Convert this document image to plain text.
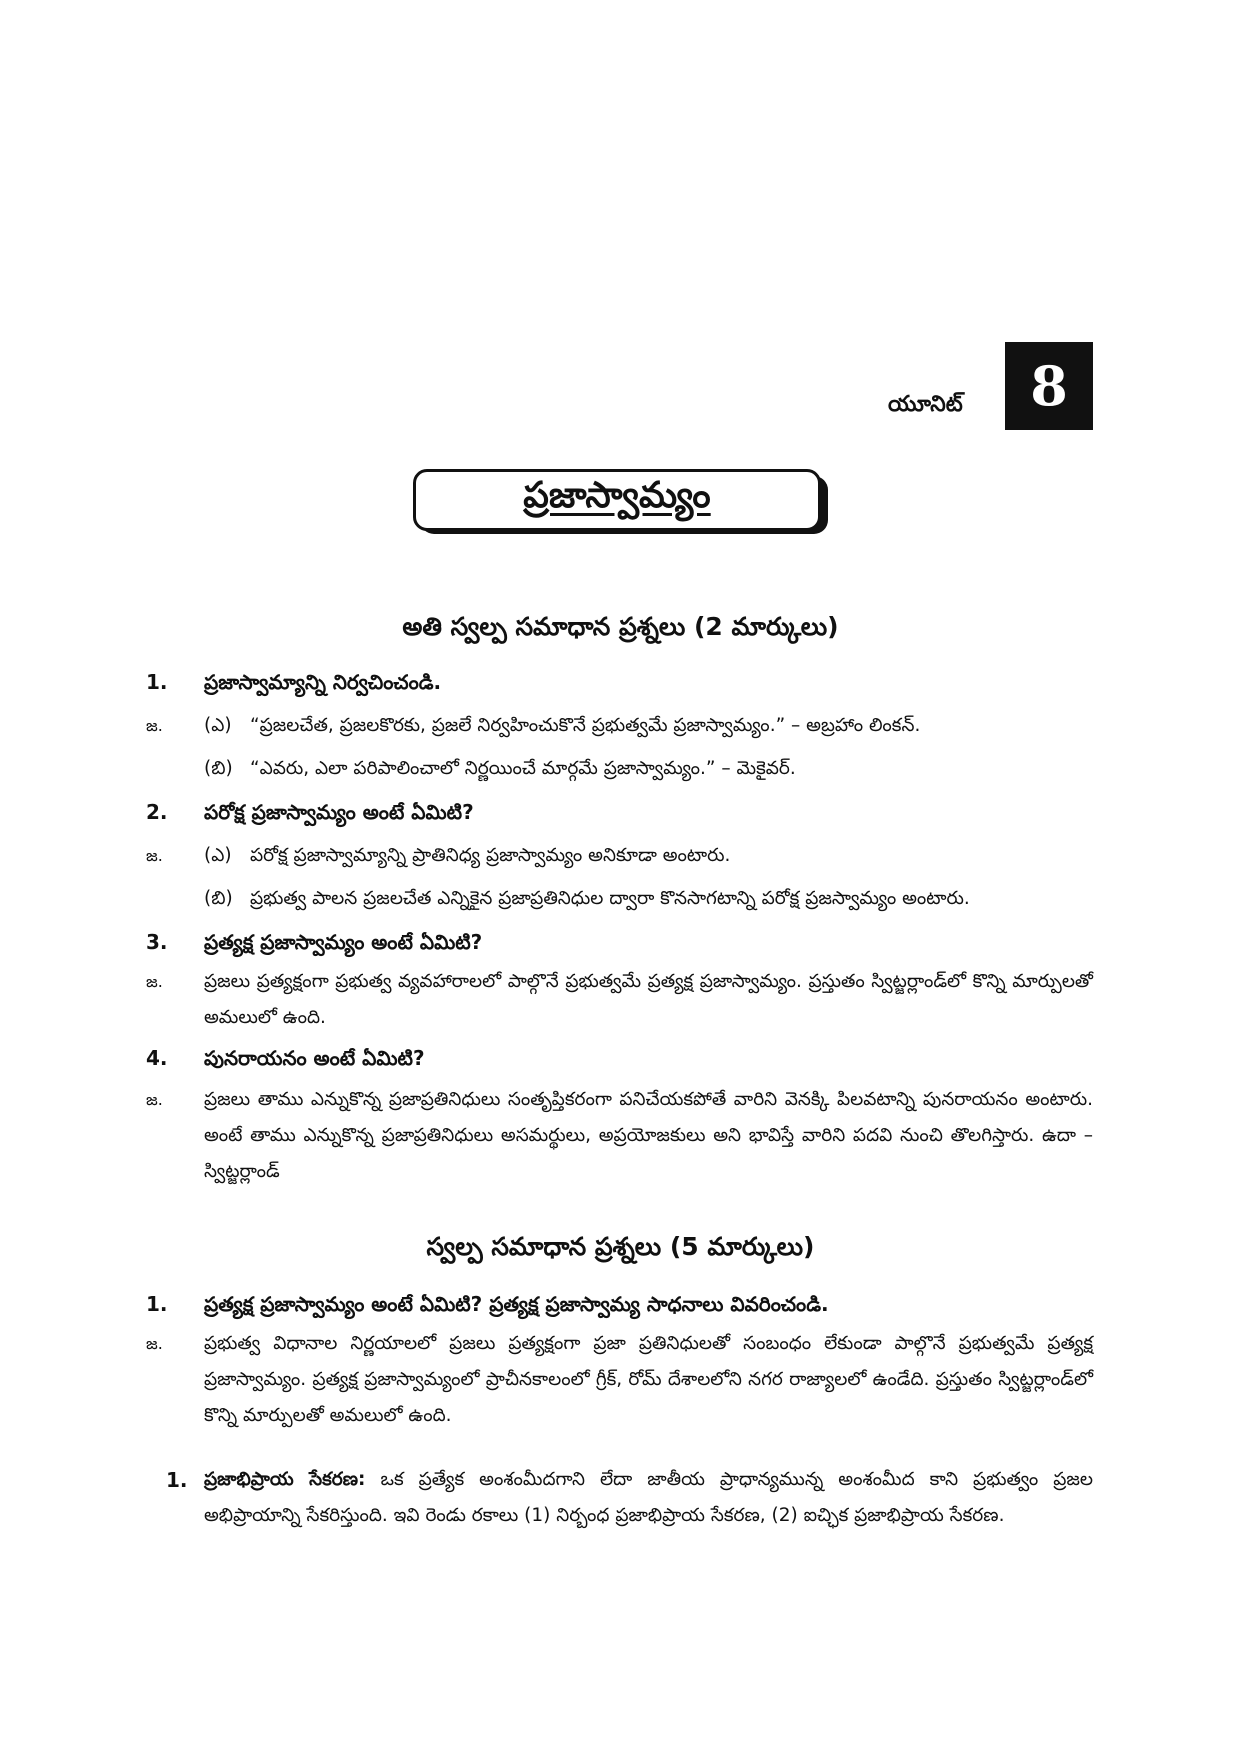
యూనిట్ 8
ప్రజాస్వామ్యం
అతి స్వల్ప సమాధాన ప్రశ్నలు (2 మార్కులు)
1.	ప్రజాస్వామ్యాన్ని నిర్వచించండి.
జ.	(ఎ) “ప్రజలచేత, ప్రజలకొరకు, ప్రజలే నిర్వహించుకొనే ప్రభుత్వమే ప్రజాస్వామ్యం.” – అబ్రహాం లింకన్.
(బి) “ఎవరు, ఎలా పరిపాలించాలో నిర్ణయించే మార్గమే ప్రజాస్వామ్యం.” – మెకైవర్.
2.	పరోక్ష ప్రజాస్వామ్యం అంటే ఏమిటి?
జ.	(ఎ) పరోక్ష ప్రజాస్వామ్యాన్ని ప్రాతినిధ్య ప్రజాస్వామ్యం అనికూడా అంటారు.
(బి) ప్రభుత్వ పాలన ప్రజలచేత ఎన్నికైన ప్రజాప్రతినిధుల ద్వారా కొనసాగటాన్ని పరోక్ష ప్రజస్వామ్యం అంటారు.
3.	ప్రత్యక్ష ప్రజాస్వామ్యం అంటే ఏమిటి?
జ.	ప్రజలు ప్రత్యక్షంగా ప్రభుత్వ వ్యవహారాలలో పాల్గొనే ప్రభుత్వమే ప్రత్యక్ష ప్రజాస్వామ్యం. ప్రస్తుతం స్విట్జర్లాండ్‌లో కొన్ని మార్పులతో అమలులో ఉంది.
4.	పునరాయనం అంటే ఏమిటి?
జ.	ప్రజలు తాము ఎన్నుకొన్న ప్రజాప్రతినిధులు సంతృప్తికరంగా పనిచేయకపోతే వారిని వెనక్కి పిలవటాన్ని పునరాయనం అంటారు. అంటే తాము ఎన్నుకొన్న ప్రజాప్రతినిధులు అసమర్థులు, అప్రయోజకులు అని భావిస్తే వారిని పదవి నుంచి తొలగిస్తారు. ఉదా – స్విట్జర్లాండ్
స్వల్ప సమాధాన ప్రశ్నలు (5 మార్కులు)
1.	ప్రత్యక్ష ప్రజాస్వామ్యం అంటే ఏమిటి? ప్రత్యక్ష ప్రజాస్వామ్య సాధనాలు వివరించండి.
జ.	ప్రభుత్వ విధానాల నిర్ణయాలలో ప్రజలు ప్రత్యక్షంగా ప్రజా ప్రతినిధులతో సంబంధం లేకుండా పాల్గొనే ప్రభుత్వమే ప్రత్యక్ష ప్రజాస్వామ్యం. ప్రత్యక్ష ప్రజాస్వామ్యంలో ప్రాచీనకాలంలో గ్రీక్, రోమ్ దేశాలలోని నగర రాజ్యాలలో ఉండేది. ప్రస్తుతం స్విట్జర్లాండ్‌లో కొన్ని మార్పులతో అమలులో ఉంది.
1. ప్రజాభిప్రాయ సేకరణ: ఒక ప్రత్యేక అంశంమీదగాని లేదా జాతీయ ప్రాధాన్యమున్న అంశంమీద కాని ప్రభుత్వం ప్రజల అభిప్రాయాన్ని సేకరిస్తుంది. ఇవి రెండు రకాలు (1) నిర్బంధ ప్రజాభిప్రాయ సేకరణ, (2) ఐచ్ఛిక ప్రజాభిప్రాయ సేకరణ.
